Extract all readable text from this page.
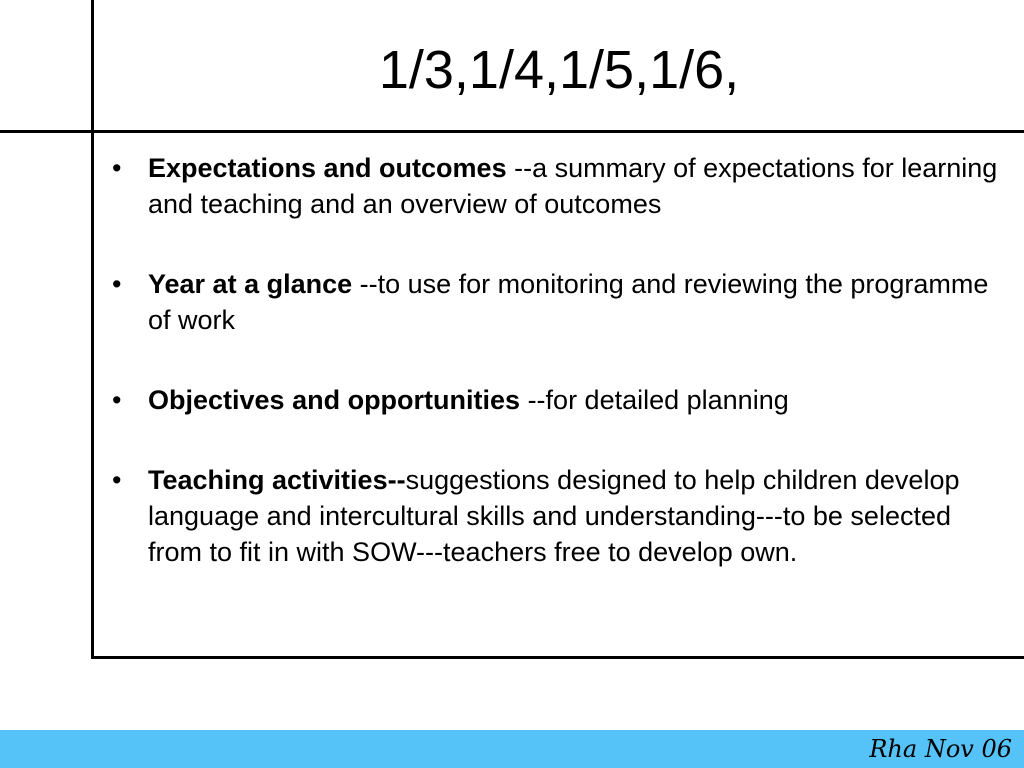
1/3,1/4,1/5,1/6,
• Expectations and outcomes --a summary of expectations for learning and teaching and an overview of outcomes
• Year at a glance --to use for monitoring and reviewing the programme of work
• Objectives and opportunities --for detailed planning
• Teaching activities--suggestions designed to help children develop language and intercultural skills and understanding---to be selected from to fit in with SOW---teachers free to develop own.
Rha Nov 06
